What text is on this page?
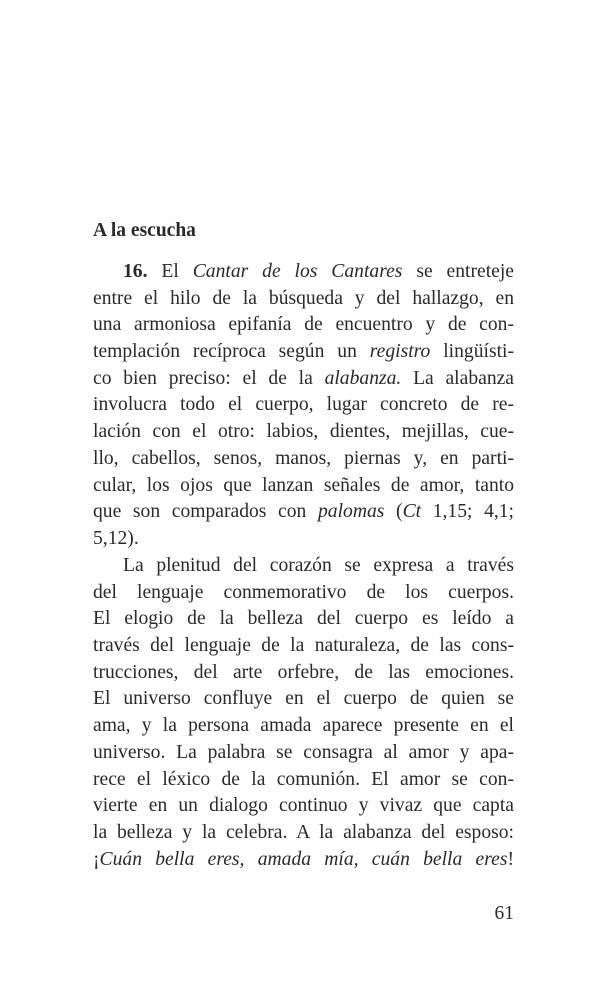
A la escucha
16. El Cantar de los Cantares se entreteje
entre el hilo de la búsqueda y del hallazgo, en
una armoniosa epifanía de encuentro y de con-
templación recíproca según un registro lingüísti-
co bien preciso: el de la alabanza. La alabanza
involucra todo el cuerpo, lugar concreto de re-
lación con el otro: labios, dientes, mejillas, cue-
llo, cabellos, senos, manos, piernas y, en parti-
cular, los ojos que lanzan señales de amor, tanto
que son comparados con palomas (Ct 1,15; 4,1;
5,12).
La plenitud del corazón se expresa a través
del lenguaje conmemorativo de los cuerpos.
El elogio de la belleza del cuerpo es leído a
través del lenguaje de la naturaleza, de las cons-
trucciones, del arte orfebre, de las emociones.
El universo confluye en el cuerpo de quien se
ama, y la persona amada aparece presente en el
universo. La palabra se consagra al amor y apa-
rece el léxico de la comunión. El amor se con-
vierte en un dialogo continuo y vivaz que capta
la belleza y la celebra. A la alabanza del esposo:
¡Cuán bella eres, amada mía, cuán bella eres!
61
